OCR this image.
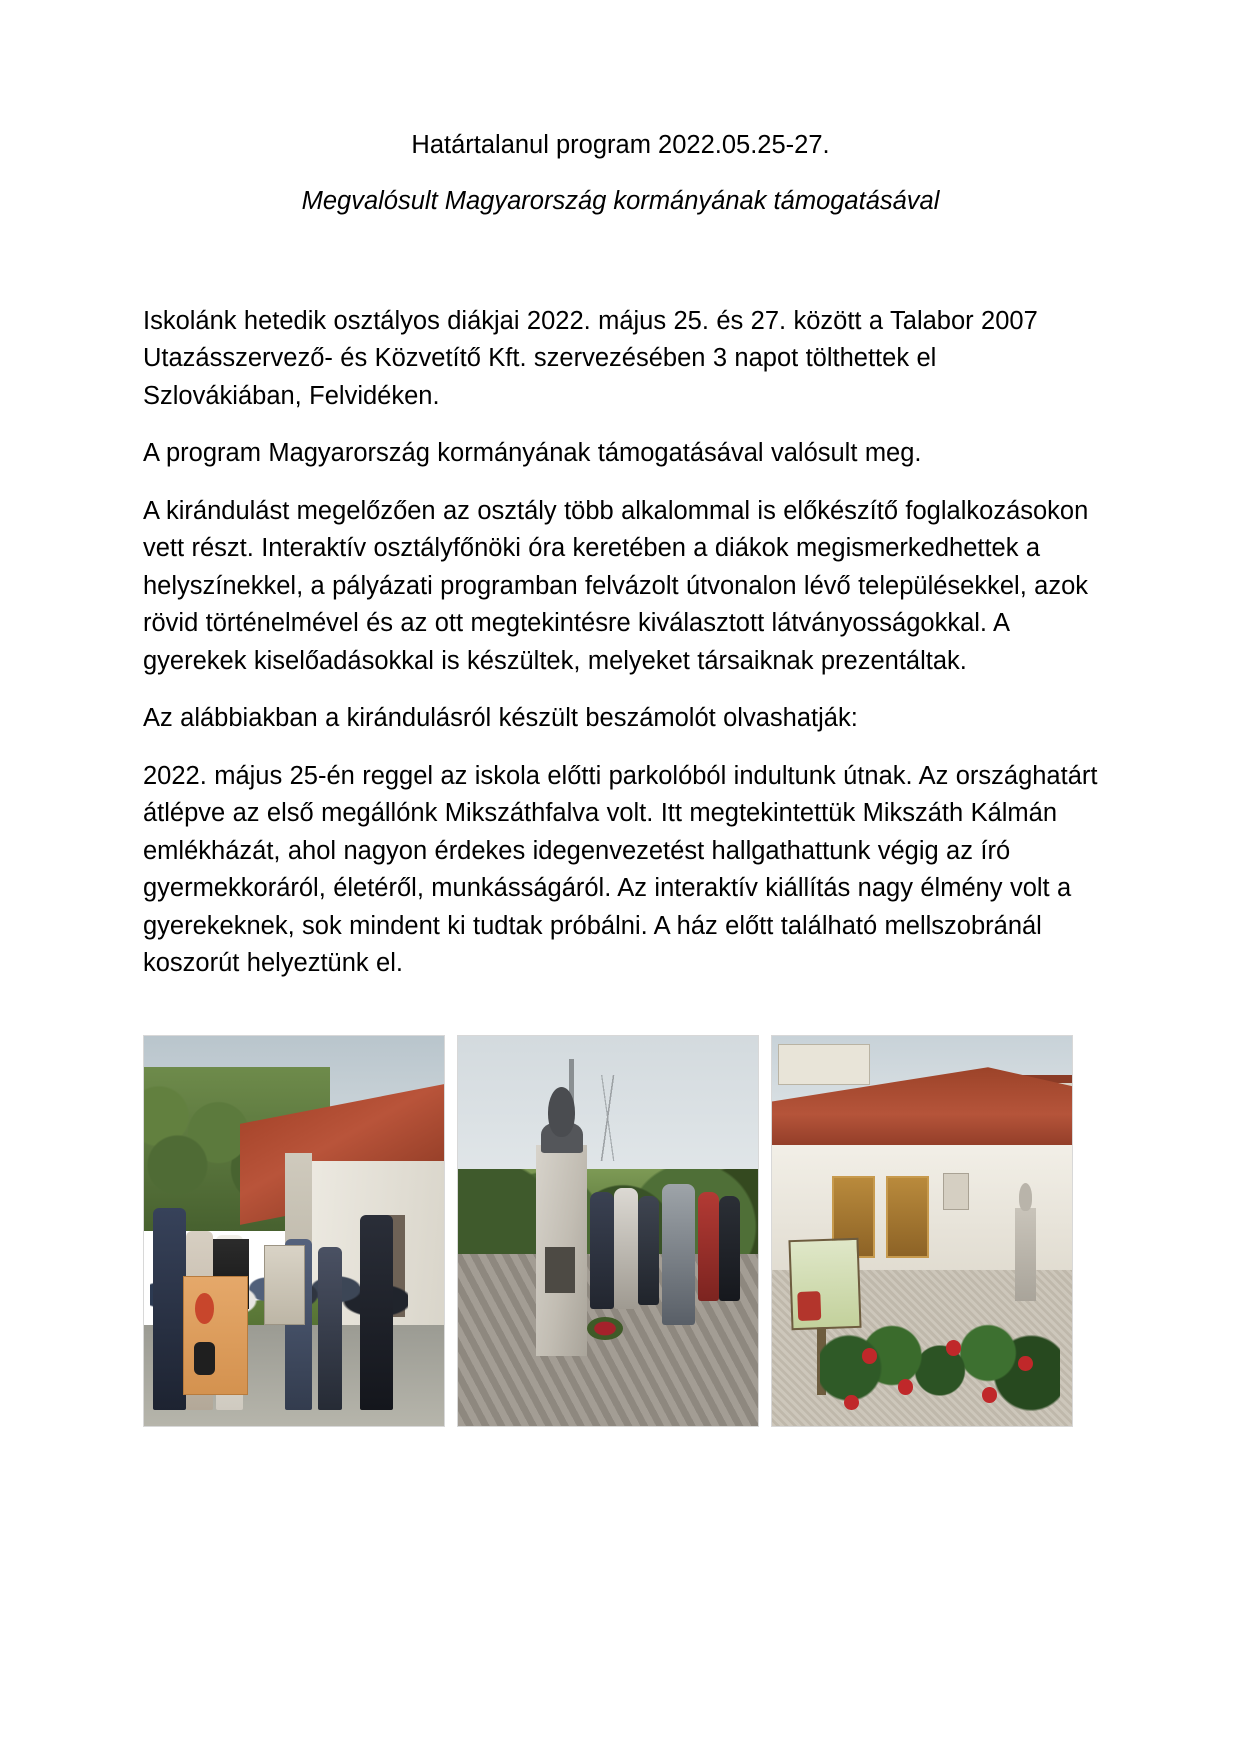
Határtalanul program 2022.05.25-27.
Megvalósult Magyarország kormányának támogatásával

Iskolánk hetedik osztályos diákjai 2022. május 25. és 27. között a Talabor 2007 Utazásszervező- és Közvetítő Kft. szervezésében 3 napot tölthettek el Szlovákiában, Felvidéken.

A program Magyarország kormányának támogatásával valósult meg.

A kirándulást megelőzően az osztály több alkalommal is előkészítő foglalkozásokon vett részt. Interaktív osztályfőnöki óra keretében a diákok megismerkedhettek a helyszínekkel, a pályázati programban felvázolt útvonalon lévő településekkel, azok rövid történelmével és az ott megtekintésre kiválasztott látványosságokkal. A gyerekek kiselőadásokkal is készültek, melyeket társaiknak prezentáltak.

Az alábbiakban a kirándulásról készült beszámolót olvashatják:

2022. május 25-én reggel az iskola előtti parkolóból indultunk útnak. Az országhatárt átlépve az első megállónk Mikszáthfalva volt. Itt megtekintettük Mikszáth Kálmán emlékházát, ahol nagyon érdekes idegenvezetést hallgathattunk végig az író gyermekkoráról, életéről, munkásságáról. Az interaktív kiállítás nagy élmény volt a gyerekeknek, sok mindent ki tudtak próbálni. A ház előtt található mellszobránál koszorút helyeztünk el.
